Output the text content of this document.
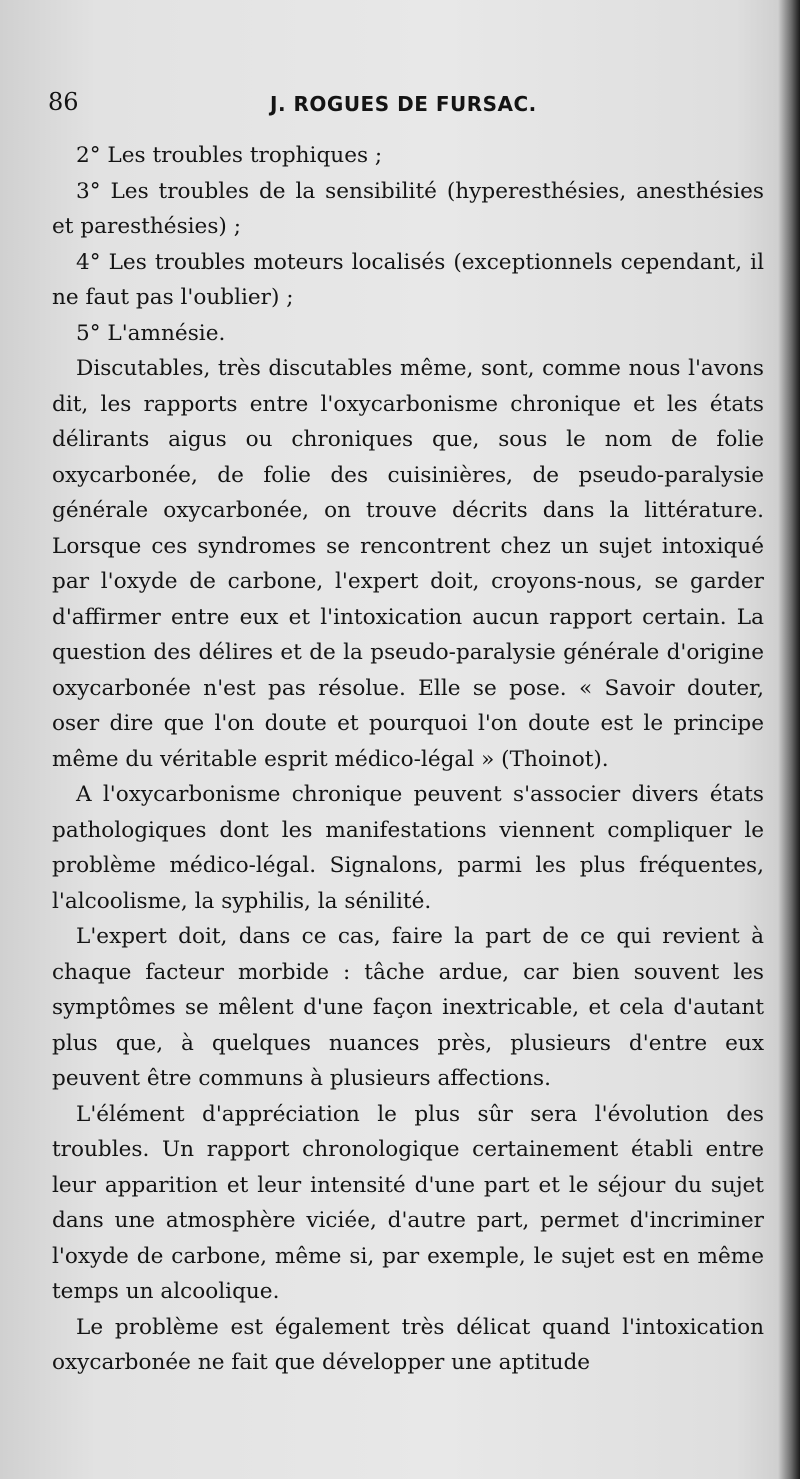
86	J. ROGUES DE FURSAC.

2° Les troubles trophiques ;

3° Les troubles de la sensibilité (hyperesthésies, anesthésies et paresthésies) ;

4° Les troubles moteurs localisés (exceptionnels cependant, il ne faut pas l'oublier) ;

5° L'amnésie.

Discutables, très discutables même, sont, comme nous l'avons dit, les rapports entre l'oxycarbonisme chronique et les états délirants aigus ou chroniques que, sous le nom de folie oxycarbonée, de folie des cuisinières, de pseudo-paralysie générale oxycarbonée, on trouve décrits dans la littérature. Lorsque ces syndromes se rencontrent chez un sujet intoxiqué par l'oxyde de carbone, l'expert doit, croyons-nous, se garder d'affirmer entre eux et l'intoxication aucun rapport certain. La question des délires et de la pseudo-paralysie générale d'origine oxycarbonée n'est pas résolue. Elle se pose. « Savoir douter, oser dire que l'on doute et pourquoi l'on doute est le principe même du véritable esprit médico-légal » (Thoinot).

A l'oxycarbonisme chronique peuvent s'associer divers états pathologiques dont les manifestations viennent compliquer le problème médico-légal. Signalons, parmi les plus fréquentes, l'alcoolisme, la syphilis, la sénilité.

L'expert doit, dans ce cas, faire la part de ce qui revient à chaque facteur morbide : tâche ardue, car bien souvent les symptômes se mêlent d'une façon inextricable, et cela d'autant plus que, à quelques nuances près, plusieurs d'entre eux peuvent être communs à plusieurs affections.

L'élément d'appréciation le plus sûr sera l'évolution des troubles. Un rapport chronologique certainement établi entre leur apparition et leur intensité d'une part et le séjour du sujet dans une atmosphère viciée, d'autre part, permet d'incriminer l'oxyde de carbone, même si, par exemple, le sujet est en même temps un alcoolique.

Le problème est également très délicat quand l'intoxication oxycarbonée ne fait que développer une aptitude
